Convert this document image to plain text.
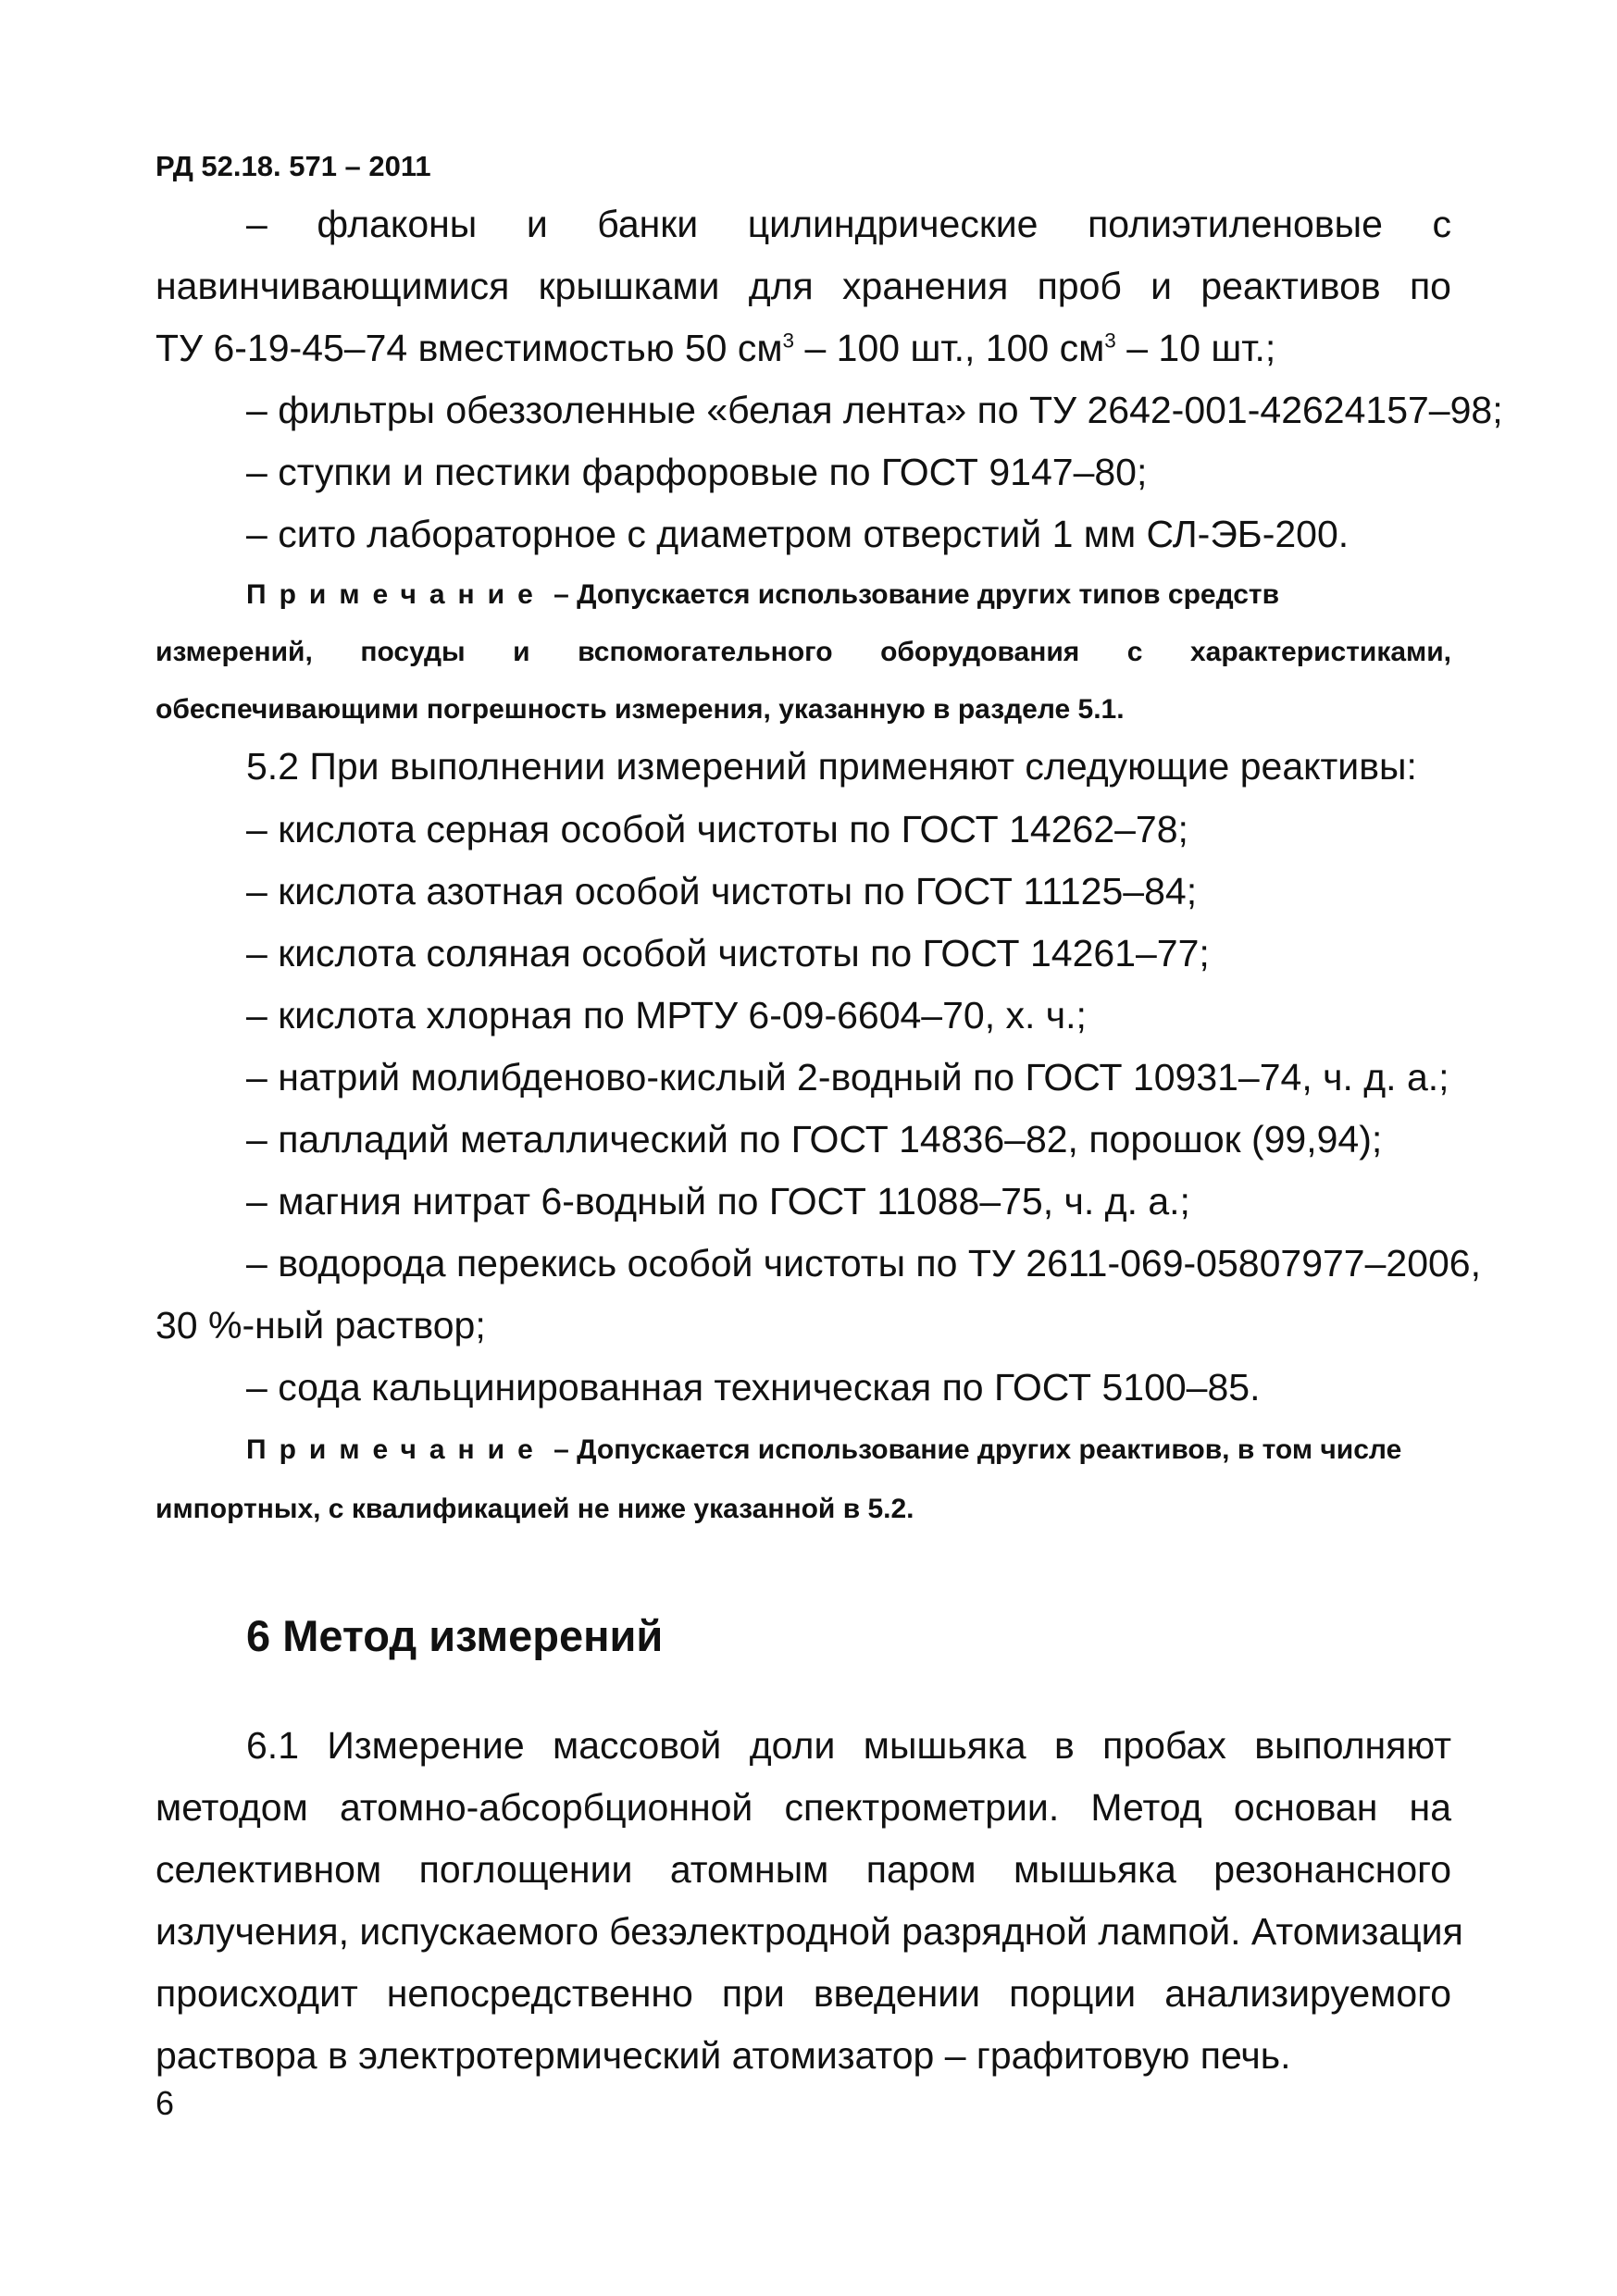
РД 52.18. 571 – 2011
– флаконы и банки цилиндрические полиэтиленовые с
навинчивающимися крышками для хранения проб и реактивов по
ТУ 6-19-45–74 вместимостью 50 $см^3 - 100$ шт., 100 $см^3 - 10$ шт.;
– фильтры обеззоленные «белая лента» по ТУ 2642-001-42624157–98;
– ступки и пестики фарфоровые по ГОСТ 9147–80;
– сито лабораторное с диаметром отверстий 1 мм СЛ-ЭБ-200.
Примечание – Допускается использование других типов средств
измерений, посуды и вспомогательного оборудования с характеристиками,
обеспечивающими погрешность измерения, указанную в разделе 5.1.
5.2 При выполнении измерений применяют следующие реактивы:
– кислота серная особой чистоты по ГОСТ 14262–78;
– кислота азотная особой чистоты по ГОСТ 11125–84;
– кислота соляная особой чистоты по ГОСТ 14261–77;
– кислота хлорная по МРТУ 6-09-6604–70, х. ч.;
– натрий молибденово-кислый 2-водный по ГОСТ 10931–74, ч. д. а.;
– палладий металлический по ГОСТ 14836–82, порошок (99,94);
– магния нитрат 6-водный по ГОСТ 11088–75, ч. д. а.;
– водорода перекись особой чистоты по ТУ 2611-069-05807977–2006,
30 %-ный раствор;
– сода кальцинированная техническая по ГОСТ 5100–85.
Примечание – Допускается использование других реактивов, в том числе
импортных, с квалификацией не ниже указанной в 5.2.
6 Метод измерений
6.1 Измерение массовой доли мышьяка в пробах выполняют
методом атомно-абсорбционной спектрометрии. Метод основан на
селективном поглощении атомным паром мышьяка резонансного
излучения, испускаемого безэлектродной разрядной лампой. Атомизация
происходит непосредственно при введении порции анализируемого
раствора в электротермический атомизатор – графитовую печь.
6
